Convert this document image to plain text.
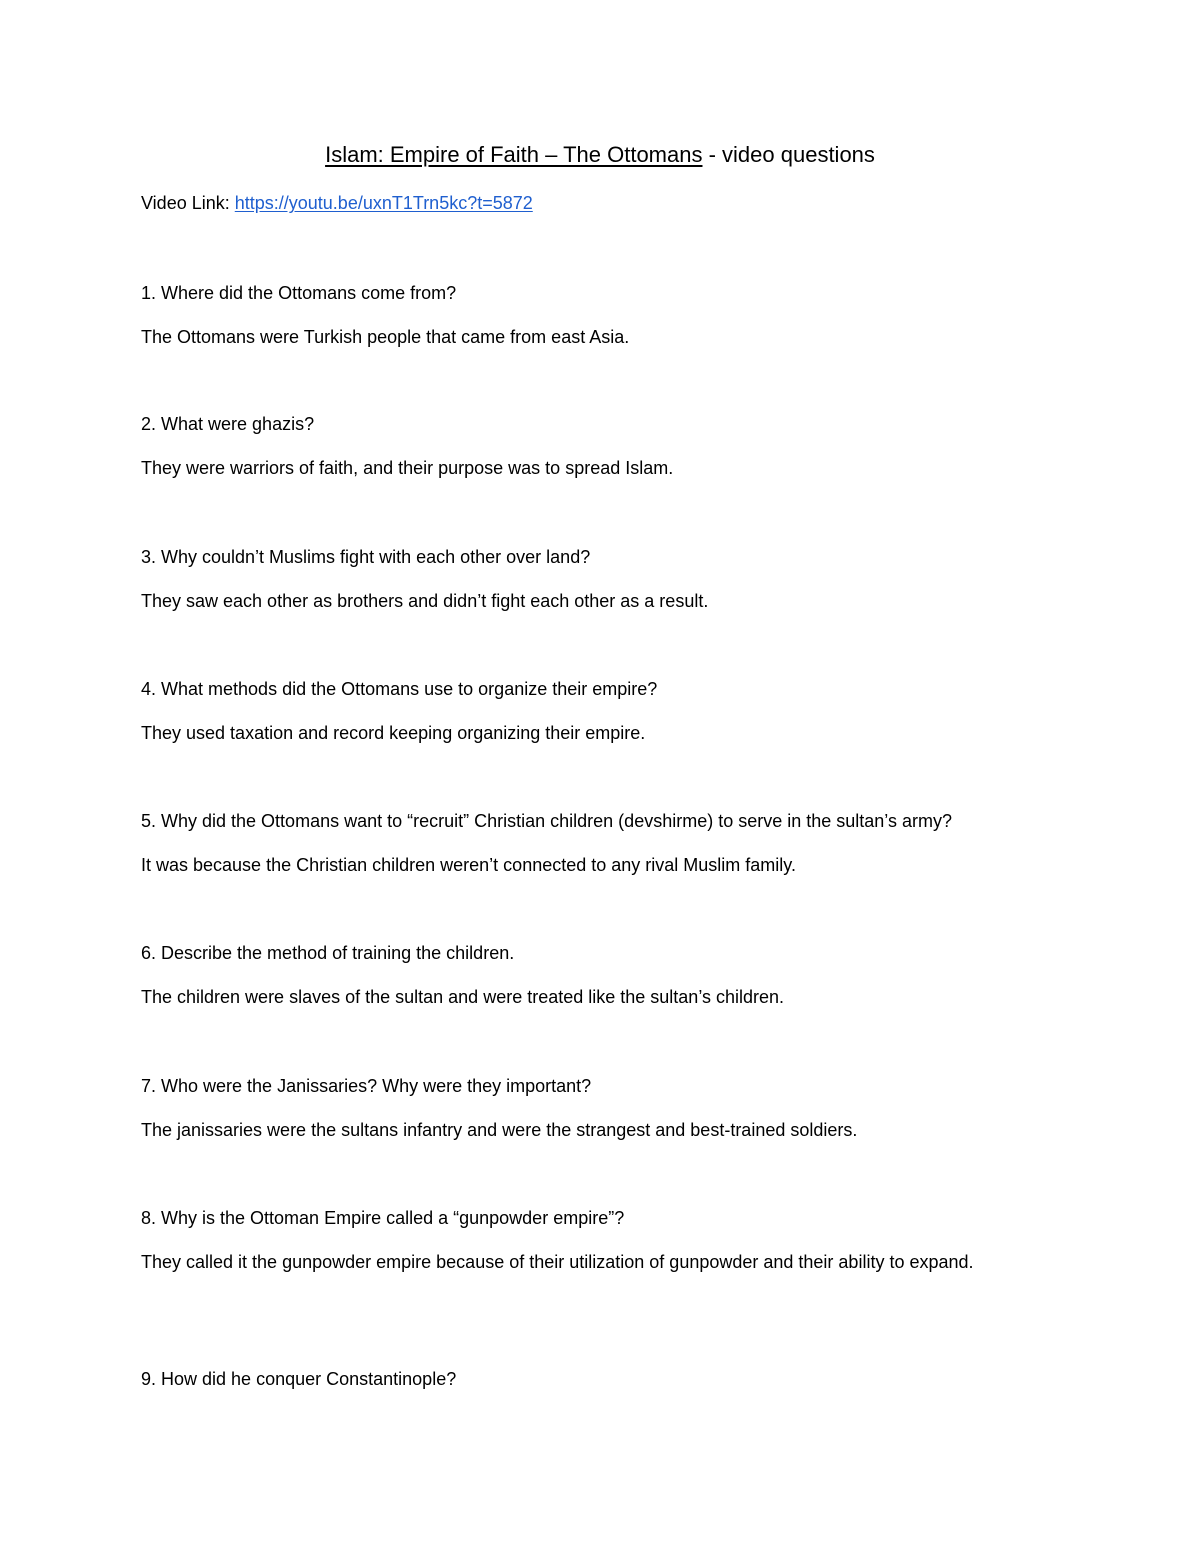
Islam: Empire of Faith – The Ottomans - video questions
Video Link: https://youtu.be/uxnT1Trn5kc?t=5872

1. Where did the Ottomans come from?

The Ottomans were Turkish people that came from east Asia.

2. What were ghazis?

They were warriors of faith, and their purpose was to spread Islam.

3. Why couldn’t Muslims fight with each other over land?

They saw each other as brothers and didn’t fight each other as a result.

4. What methods did the Ottomans use to organize their empire?

They used taxation and record keeping organizing their empire.

5. Why did the Ottomans want to “recruit” Christian children (devshirme) to serve in the sultan’s army?

It was because the Christian children weren’t connected to any rival Muslim family.

6. Describe the method of training the children.

The children were slaves of the sultan and were treated like the sultan’s children.

7. Who were the Janissaries? Why were they important?

The janissaries were the sultans infantry and were the strangest and best-trained soldiers.

8. Why is the Ottoman Empire called a “gunpowder empire”?

They called it the gunpowder empire because of their utilization of gunpowder and their ability to expand.

9. How did he conquer Constantinople?
